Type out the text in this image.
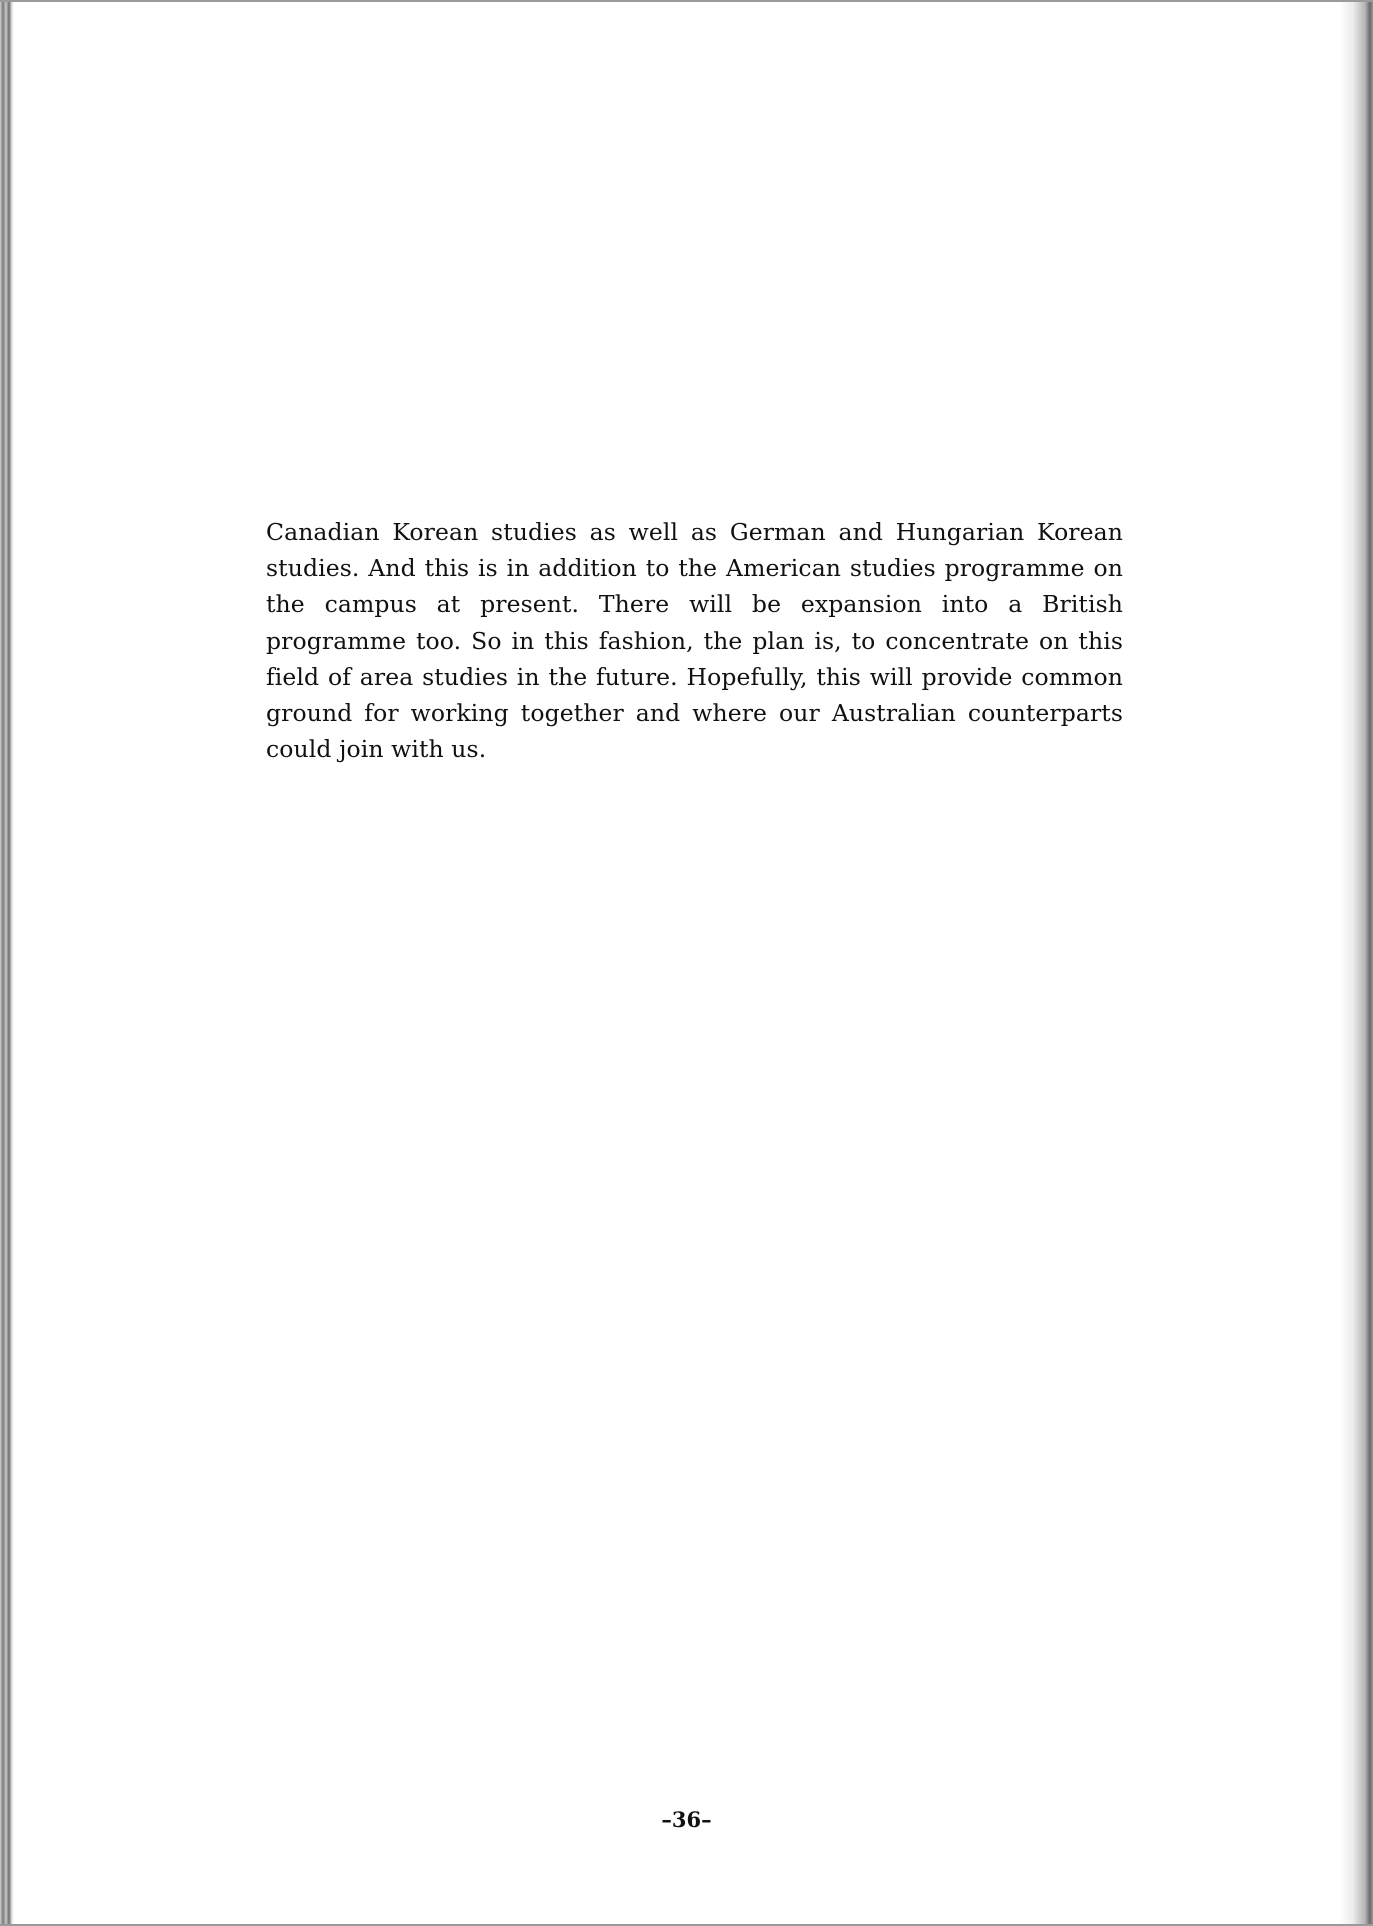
Canadian Korean studies as well as German and Hungarian Korean studies. And this is in addition to the American studies programme on the campus at present. There will be expansion into a British programme too. So in this fashion, the plan is, to concentrate on this field of area studies in the future. Hopefully, this will provide common ground for working together and where our Australian counterparts could join with us.

–36–
